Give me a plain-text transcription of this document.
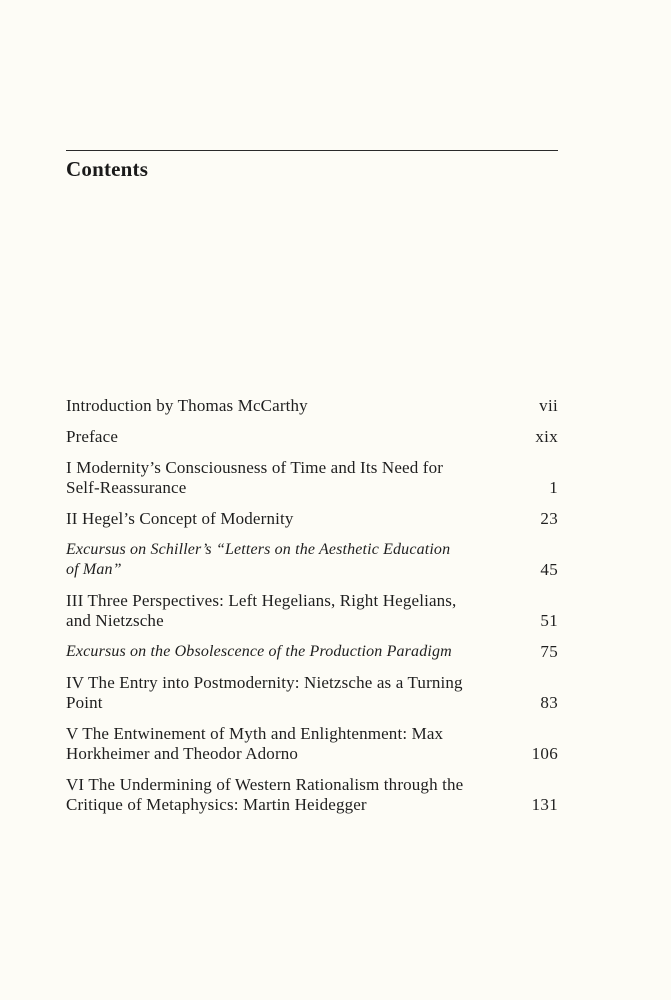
Contents
Introduction by Thomas McCarthy	vii
Preface	xix
I Modernity’s Consciousness of Time and Its Need for Self-Reassurance	1
II Hegel’s Concept of Modernity	23
Excursus on Schiller’s “Letters on the Aesthetic Education of Man”	45
III Three Perspectives: Left Hegelians, Right Hegelians, and Nietzsche	51
Excursus on the Obsolescence of the Production Paradigm	75
IV The Entry into Postmodernity: Nietzsche as a Turning Point	83
V The Entwinement of Myth and Enlightenment: Max Horkheimer and Theodor Adorno	106
VI The Undermining of Western Rationalism through the Critique of Metaphysics: Martin Heidegger	131
